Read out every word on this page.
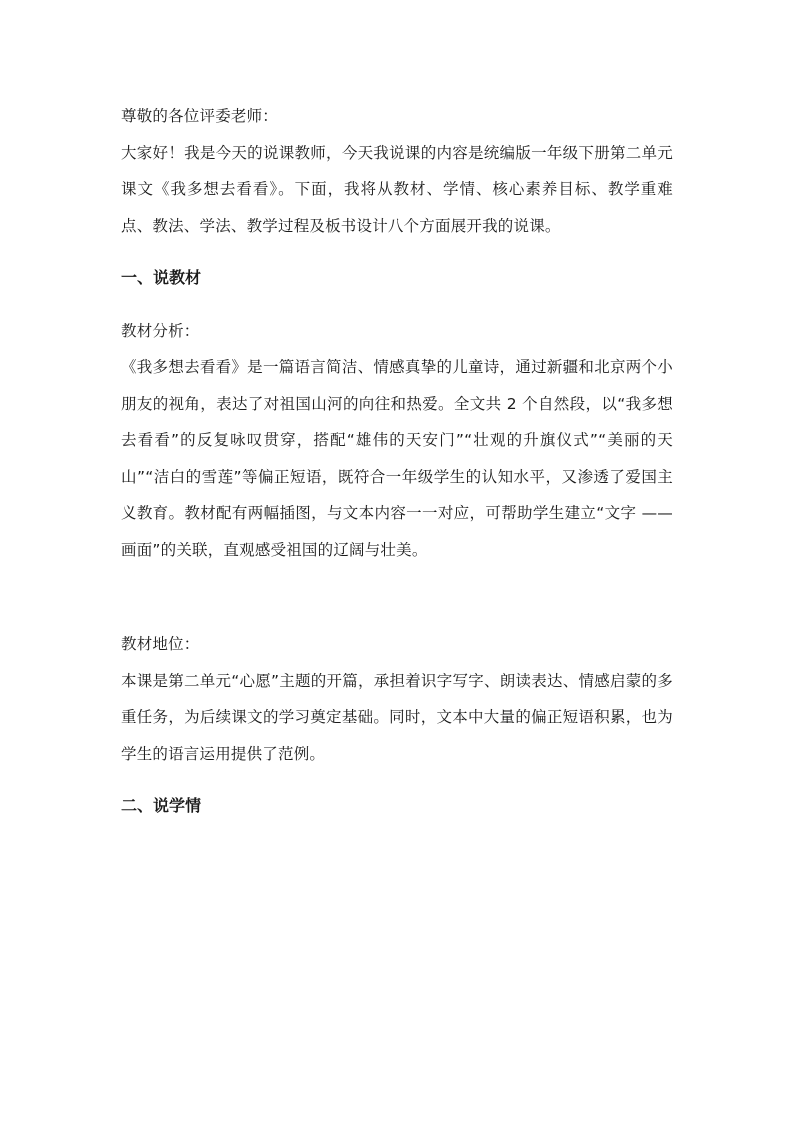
尊敬的各位评委老师：

大家好！我是今天的说课教师，今天我说课的内容是统编版一年级下册第二单元课文《我多想去看看》。下面，我将从教材、学情、核心素养目标、教学重难点、教法、学法、教学过程及板书设计八个方面展开我的说课。

一、说教材

教材分析：

《我多想去看看》是一篇语言简洁、情感真挚的儿童诗，通过新疆和北京两个小朋友的视角，表达了对祖国山河的向往和热爱。全文共 2 个自然段，以“我多想去看看”的反复咏叹贯穿，搭配“雄伟的天安门”“壮观的升旗仪式”“美丽的天山”“洁白的雪莲”等偏正短语，既符合一年级学生的认知水平，又渗透了爱国主义教育。教材配有两幅插图，与文本内容一一对应，可帮助学生建立“文字 —— 画面”的关联，直观感受祖国的辽阔与壮美。

教材地位：

本课是第二单元“心愿”主题的开篇，承担着识字写字、朗读表达、情感启蒙的多重任务，为后续课文的学习奠定基础。同时，文本中大量的偏正短语积累，也为学生的语言运用提供了范例。

二、说学情
